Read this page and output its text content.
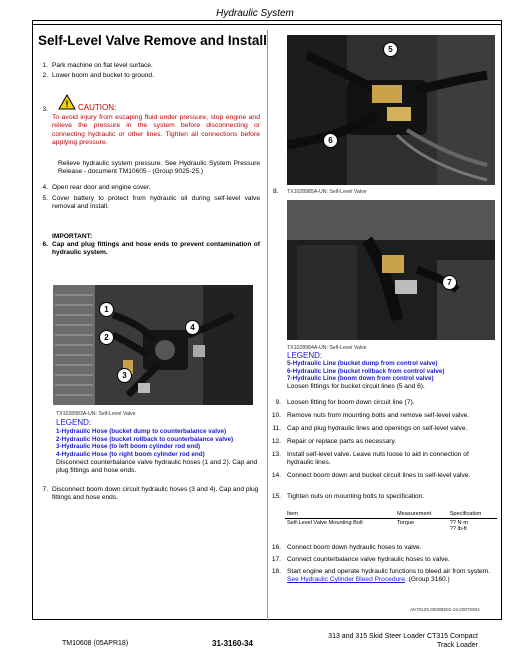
Hydraulic System
Self-Level Valve Remove and Install
1. Park machine on flat level surface.
2. Lower boom and bucket to ground.
3.
! CAUTION:
To avoid injury from escaping fluid under pressure, stop engine and relieve the pressure in the system before disconnecting or connecting hydraulic or other lines. Tighten all connections before applying pressure.
Relieve hydraulic system pressure. See Hydraulic System Pressure Release - document TM10605 - (Group 9025-25.)
4. Open rear door and engine cover.
5. Cover battery to protect from hydraulic oil during self-level valve removal and install.
IMPORTANT:
6. Cap and plug fittings and hose ends to prevent contamination of hydraulic system.
1
2
3
4
TX1028983A-UN: Self-Level Valve
LEGEND:
1-Hydraulic Hose (bucket dump to counterbalance valve)
2-Hydraulic Hose (bucket rollback to counterbalance valve)
3-Hydraulic Hose (to left boom cylinder rod end)
4-Hydraulic Hose (to right boom cylinder rod end)
Disconnect counterbalance valve hydraulic hoses (1 and 2). Cap and plug fittings and hose ends.
7. Disconnect boom down circuit hydraulic hoses (3 and 4). Cap and plug fittings and hose ends.
8.
5
6
TX1028985A-UN: Self-Level Valve
7
TX1028984A-UN: Self-Level Valve
LEGEND:
5-Hydraulic Line (bucket dump from control valve)
6-Hydraulic Line (bucket rollback from control valve)
7-Hydraulic Line (boom down from control valve)
Loosen fittings for bucket circuit lines (5 and 6).
9. Loosen fitting for boom down circuit line (7).
10. Remove nuts from mounting bolts and remove self-level valve.
11. Cap and plug hydraulic lines and openings on self-level valve.
12. Repair or replace parts as necessary.
13. Install self-level valve. Leave nuts loose to aid in connection of hydraulic lines.
14. Connect boom down and bucket circuit lines to self-level valve.
15. Tighten nuts on mounting bolts to specification.
Item	Measurement	Specification
Self-Level Valve Mounting Bolt	Torque	?? N·m
?? lb-ft
16. Connect boom down hydraulic hoses to valve.
17. Connect counterbalance valve hydraulic hoses to valve.
18. Start engine and operate hydraulic functions to bleed air from system. See Hydraulic Cylinder Bleed Procedure. (Group 3160.)
AK70125,0000B502-19-20070904
TM10608 (05APR18)	31-3160-34
313 and 315 Skid Steer Loader CT315 Compact Track Loader
